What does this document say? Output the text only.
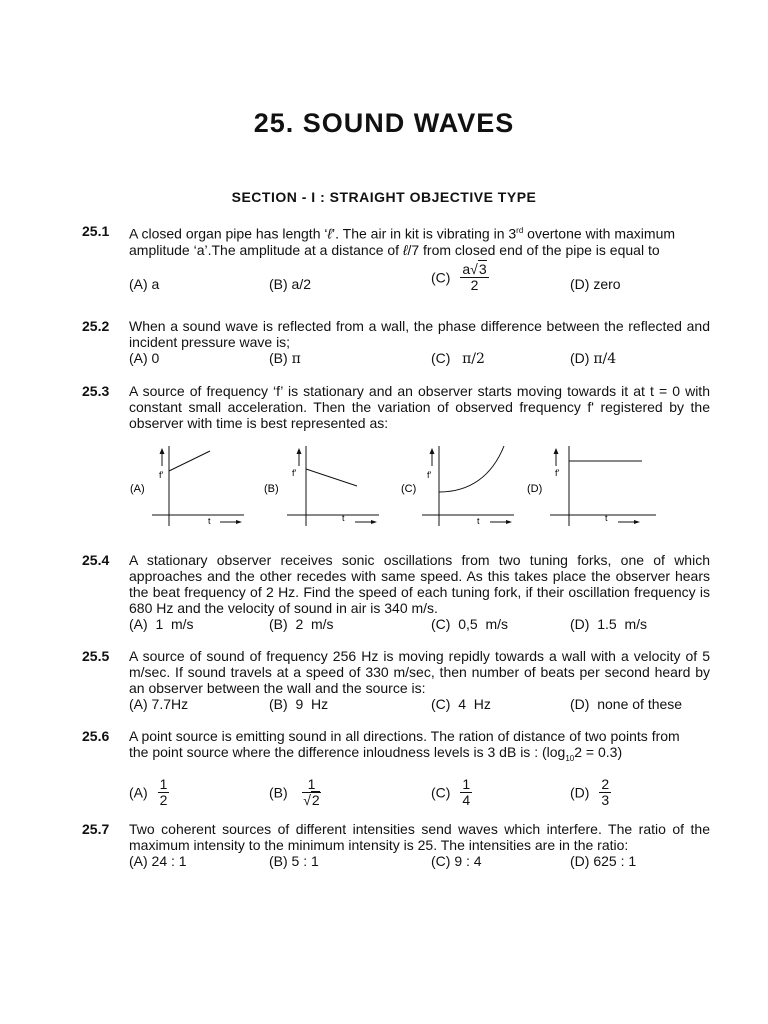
25. SOUND WAVES
SECTION - I : STRAIGHT OBJECTIVE TYPE
25.1 A closed organ pipe has length ‘ℓ’. The air in kit is vibrating in 3rd overtone with maximum
amplitude ‘a’.The amplitude at a distance of ℓ/7 from closed end of the pipe is equal to
(A) a	(B) a/2	$(C) \frac{a√3}{2}$	(D) zero
25.2 When a sound wave is reflected from a wall, the phase difference between the reflected and incident pressure wave is;
(A) 0	(B) π	(C)   π/2	(D) π/4
25.3 A source of frequency ‘f’ is stationary and an observer starts moving towards it at t = 0 with constant small acceleration. Then the variation of observed frequency f' registered by the observer with time is best represented as:
f'
t
(A)
f'
t
(B)
f'
t
(C)
f'
t
(D)
25.4 A stationary observer receives sonic oscillations from two tuning forks, one of which approaches and the other recedes with same speed. As this takes place the observer hears the beat frequency of 2 Hz. Find the speed of each tuning fork, if their oscillation frequency is 680 Hz and the velocity of sound in air is 340 m/s.
(A)  1  m/s	(B)  2  m/s	(C)  0,5  m/s	(D)  1.5  m/s
25.5 A source of sound of frequency 256 Hz is moving repidly towards a wall with a velocity of 5 m/sec. If sound travels at a speed of 330 m/sec, then number of beats per second heard by an observer between the wall and the source is:
(A) 7.7Hz	(B)  9  Hz	(C)  4  Hz	(D)  none of these
25.6 A point source is emitting sound in all directions. The ration of distance of two points from
the point source where the difference inloudness levels is 3 dB is : $(\log_{10}2 = 0.3)$
$(A) \frac{1}{2}$	$(B) \frac{1}{√2}$	$(C) \frac{1}{4}$	$(D) \frac{2}{3}$
25.7 Two coherent sources of different intensities send waves which interfere. The ratio of the maximum intensity to the minimum intensity is 25. The intensities are in the ratio:
(A) 24 : 1	(B) 5 : 1	(C) 9 : 4	(D) 625 : 1
